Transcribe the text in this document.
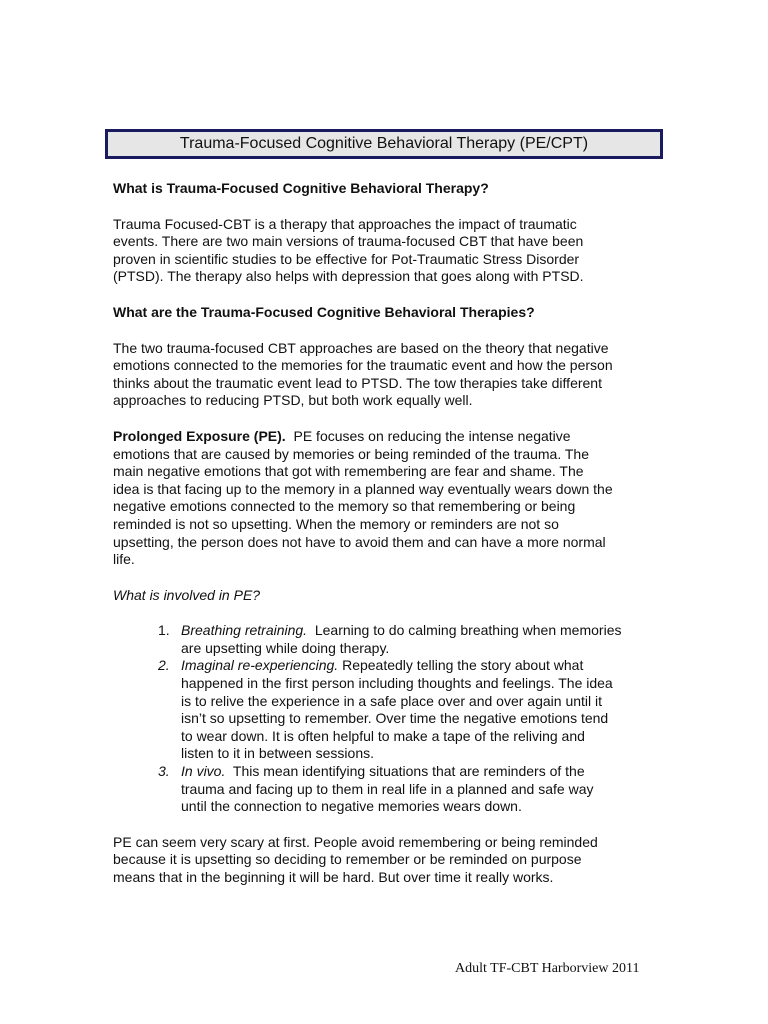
Trauma-Focused Cognitive Behavioral Therapy (PE/CPT)

What is Trauma-Focused Cognitive Behavioral Therapy?

Trauma Focused-CBT is a therapy that approaches the impact of traumatic

events. There are two main versions of trauma-focused CBT that have been

proven in scientific studies to be effective for Pot-Traumatic Stress Disorder

(PTSD). The therapy also helps with depression that goes along with PTSD.

What are the Trauma-Focused Cognitive Behavioral Therapies?

The two trauma-focused CBT approaches are based on the theory that negative

emotions connected to the memories for the traumatic event and how the person

thinks about the traumatic event lead to PTSD. The tow therapies take different

approaches to reducing PTSD, but both work equally well.

Prolonged Exposure (PE).  PE focuses on reducing the intense negative

emotions that are caused by memories or being reminded of the trauma. The

main negative emotions that got with remembering are fear and shame. The

idea is that facing up to the memory in a planned way eventually wears down the

negative emotions connected to the memory so that remembering or being

reminded is not so upsetting. When the memory or reminders are not so

upsetting, the person does not have to avoid them and can have a more normal

life.

What is involved in PE?

1. Breathing retraining.  Learning to do calming breathing when memories

are upsetting while doing therapy.

2. Imaginal re-experiencing. Repeatedly telling the story about what

happened in the first person including thoughts and feelings. The idea

is to relive the experience in a safe place over and over again until it

isn’t so upsetting to remember. Over time the negative emotions tend

to wear down. It is often helpful to make a tape of the reliving and

listen to it in between sessions.

3. In vivo.  This mean identifying situations that are reminders of the

trauma and facing up to them in real life in a planned and safe way

until the connection to negative memories wears down.

PE can seem very scary at first. People avoid remembering or being reminded

because it is upsetting so deciding to remember or be reminded on purpose

means that in the beginning it will be hard. But over time it really works.

Adult TF-CBT Harborview 2011
